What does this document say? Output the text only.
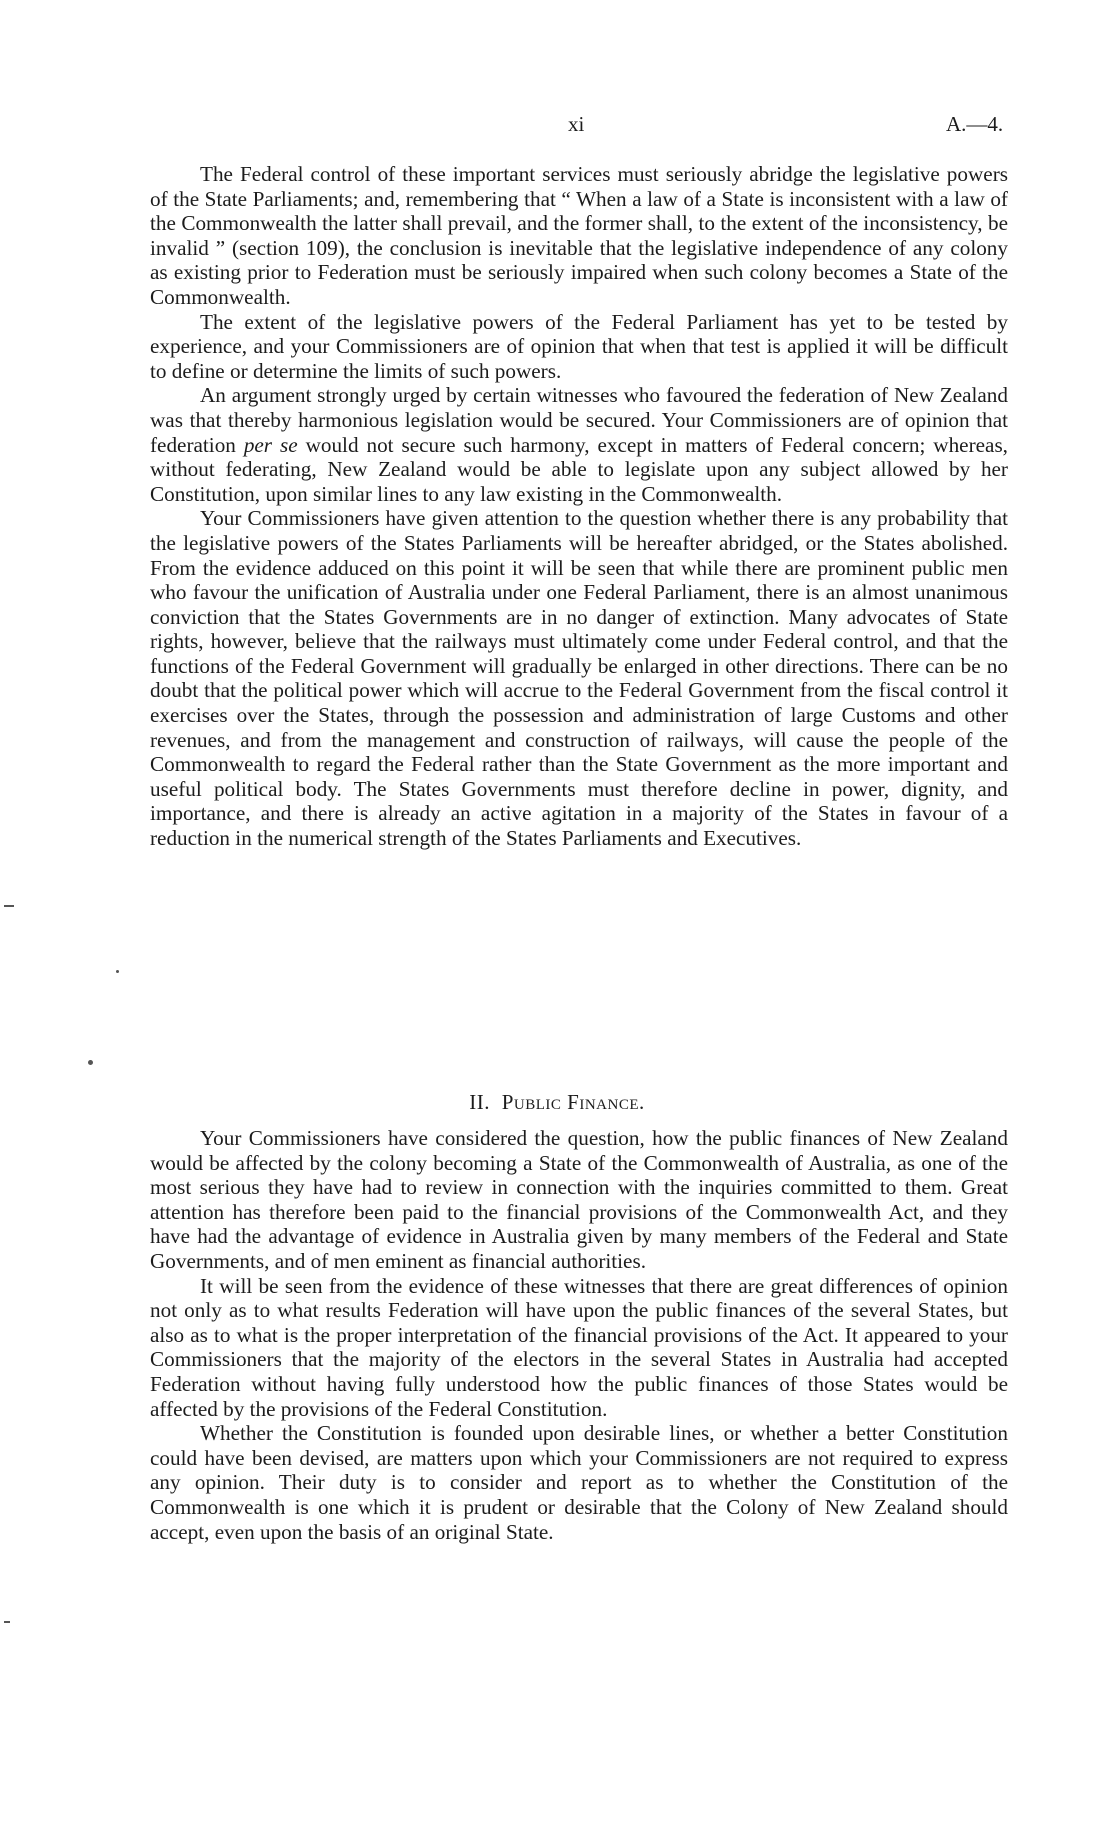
xi	A.—4.

The Federal control of these important services must seriously abridge the legislative powers of the State Parliaments; and, remembering that “ When a law of a State is inconsistent with a law of the Commonwealth the latter shall prevail, and the former shall, to the extent of the inconsistency, be invalid ” (section 109), the conclusion is inevitable that the legislative independence of any colony as existing prior to Federation must be seriously impaired when such colony becomes a State of the Commonwealth.

The extent of the legislative powers of the Federal Parliament has yet to be tested by experience, and your Commissioners are of opinion that when that test is applied it will be difficult to define or determine the limits of such powers.

An argument strongly urged by certain witnesses who favoured the federation of New Zealand was that thereby harmonious legislation would be secured. Your Commissioners are of opinion that federation per se would not secure such harmony, except in matters of Federal concern; whereas, without federating, New Zealand would be able to legislate upon any subject allowed by her Constitution, upon similar lines to any law existing in the Commonwealth.

Your Commissioners have given attention to the question whether there is any probability that the legislative powers of the States Parliaments will be hereafter abridged, or the States abolished. From the evidence adduced on this point it will be seen that while there are prominent public men who favour the unification of Australia under one Federal Parliament, there is an almost unanimous conviction that the States Governments are in no danger of extinction. Many advocates of State rights, however, believe that the railways must ultimately come under Federal control, and that the functions of the Federal Government will gradually be enlarged in other directions. There can be no doubt that the political power which will accrue to the Federal Government from the fiscal control it exercises over the States, through the possession and administration of large Customs and other revenues, and from the management and construction of railways, will cause the people of the Commonwealth to regard the Federal rather than the State Government as the more important and useful political body. The States Governments must therefore decline in power, dignity, and importance, and there is already an active agitation in a majority of the States in favour of a reduction in the numerical strength of the States Parliaments and Executives.

II. Public Finance.

Your Commissioners have considered the question, how the public finances of New Zealand would be affected by the colony becoming a State of the Commonwealth of Australia, as one of the most serious they have had to review in connection with the inquiries committed to them. Great attention has therefore been paid to the financial provisions of the Commonwealth Act, and they have had the advantage of evidence in Australia given by many members of the Federal and State Governments, and of men eminent as financial authorities.

It will be seen from the evidence of these witnesses that there are great differences of opinion not only as to what results Federation will have upon the public finances of the several States, but also as to what is the proper interpretation of the financial provisions of the Act. It appeared to your Commissioners that the majority of the electors in the several States in Australia had accepted Federation without having fully understood how the public finances of those States would be affected by the provisions of the Federal Constitution.

Whether the Constitution is founded upon desirable lines, or whether a better Constitution could have been devised, are matters upon which your Commissioners are not required to express any opinion. Their duty is to consider and report as to whether the Constitution of the Commonwealth is one which it is prudent or desirable that the Colony of New Zealand should accept, even upon the basis of an original State.
